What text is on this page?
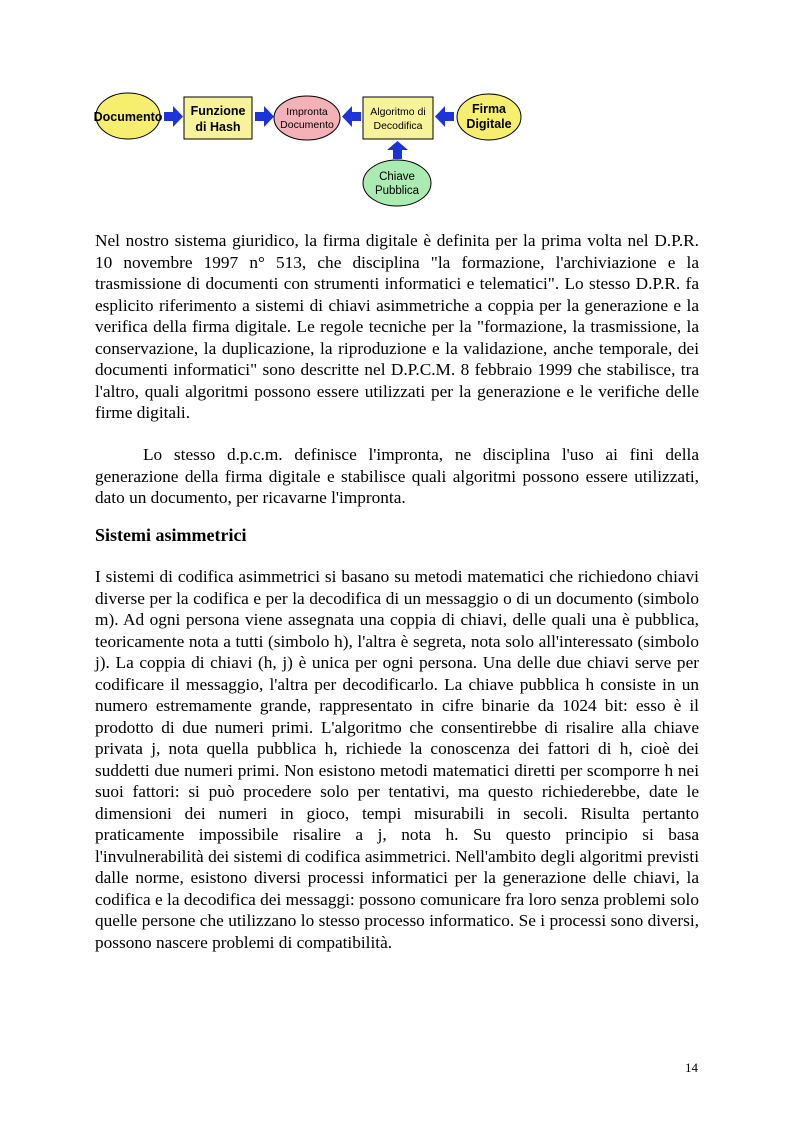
Documento Funzione
di Hash
Impronta
Documento
Algoritmo di
Decodifica
Firma
Digitale
Chiave
Pubblica

Nel nostro sistema giuridico, la firma digitale è definita per la prima volta nel D.P.R. 10 novembre 1997 n° 513, che disciplina "la formazione, l'archiviazione e la trasmissione di documenti con strumenti informatici e telematici". Lo stesso D.P.R. fa esplicito riferimento a sistemi di chiavi asimmetriche a coppia per la generazione e la verifica della firma digitale. Le regole tecniche per la "formazione, la trasmissione, la conservazione, la duplicazione, la riproduzione e la validazione, anche temporale, dei documenti informatici" sono descritte nel D.P.C.M. 8 febbraio 1999 che stabilisce, tra l'altro, quali algoritmi possono essere utilizzati per la generazione e le verifiche delle firme digitali.

Lo stesso d.p.c.m. definisce l'impronta, ne disciplina l'uso ai fini della generazione della firma digitale e stabilisce quali algoritmi possono essere utilizzati, dato un documento, per ricavarne l'impronta.

Sistemi asimmetrici

I sistemi di codifica asimmetrici si basano su metodi matematici che richiedono chiavi diverse per la codifica e per la decodifica di un messaggio o di un documento (simbolo m). Ad ogni persona viene assegnata una coppia di chiavi, delle quali una è pubblica, teoricamente nota a tutti (simbolo h), l'altra è segreta, nota solo all'interessato (simbolo j). La coppia di chiavi (h, j) è unica per ogni persona. Una delle due chiavi serve per codificare il messaggio, l'altra per decodificarlo. La chiave pubblica h consiste in un numero estremamente grande, rappresentato in cifre binarie da 1024 bit: esso è il prodotto di due numeri primi. L'algoritmo che consentirebbe di risalire alla chiave privata j, nota quella pubblica h, richiede la conoscenza dei fattori di h, cioè dei suddetti due numeri primi. Non esistono metodi matematici diretti per scomporre h nei suoi fattori: si può procedere solo per tentativi, ma questo richiederebbe, date le dimensioni dei numeri in gioco, tempi misurabili in secoli. Risulta pertanto praticamente impossibile risalire a j, nota h. Su questo principio si basa l'invulnerabilità dei sistemi di codifica asimmetrici. Nell'ambito degli algoritmi previsti dalle norme, esistono diversi processi informatici per la generazione delle chiavi, la codifica e la decodifica dei messaggi: possono comunicare fra loro senza problemi solo quelle persone che utilizzano lo stesso processo informatico. Se i processi sono diversi, possono nascere problemi di compatibilità.

14
